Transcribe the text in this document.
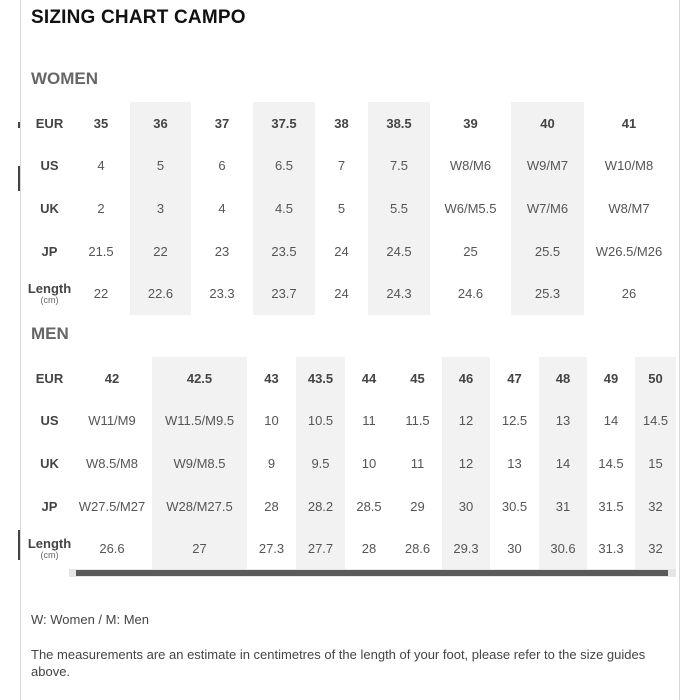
SIZING CHART CAMPO
WOMEN
EUR	35	36	37	37.5	38	38.5	39	40	41
US	4	5	6	6.5	7	7.5	W8/M6	W9/M7	W10/M8
UK	2	3	4	4.5	5	5.5	W6/M5.5	W7/M6	W8/M7
JP	21.5	22	23	23.5	24	24.5	25	25.5	W26.5/M26

Length
(cm)	22	22.6	23.3	23.7	24	24.3	24.6	25.3	26
MEN
EUR	42	42.5	43	43.5	44	45	46	47	48	49	50
US	W11/M9	W11.5/M9.5	10	10.5	11	11.5	12	12.5	13	14	14.5
UK	W8.5/M8	W9/M8.5	9	9.5	10	11	12	13	14	14.5	15
JP	W27.5/M27	W28/M27.5	28	28.2	28.5	29	30	30.5	31	31.5	32

Length
(cm)	26.6	27	27.3	27.7	28	28.6	29.3	30	30.6	31.3	32
W: Women / M: Men
The measurements are an estimate in centimetres of the length of your foot, please refer to the size guides above.
